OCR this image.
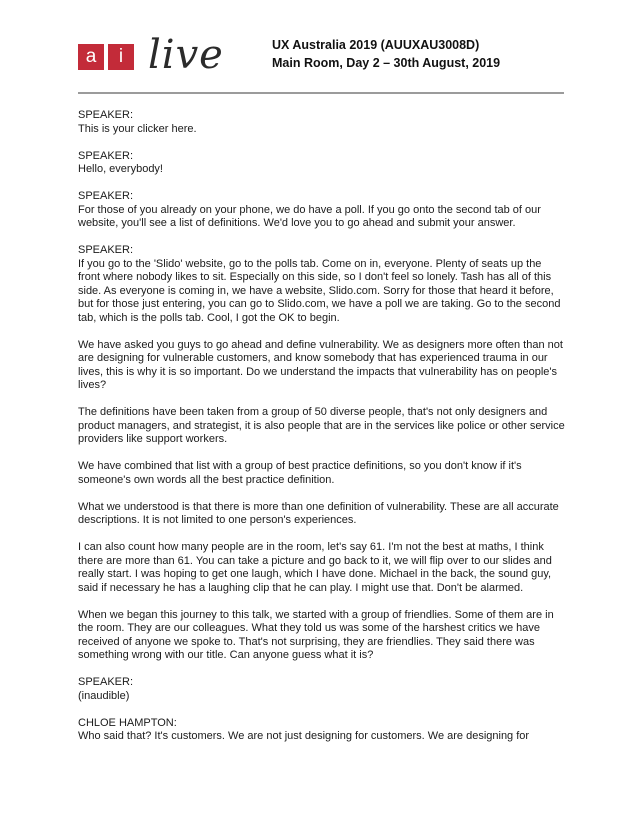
a	i live	UX Australia 2019 (AUUXAU3008D)
Main Room, Day 2 – 30th August, 2019
SPEAKER:

This is your clicker here.

SPEAKER:

Hello, everybody!

SPEAKER:

For those of you already on your phone, we do have a poll. If you go onto the second tab of our website, you'll see a list of definitions. We'd love you to go ahead and submit your answer.

SPEAKER:

If you go to the 'Slido' website, go to the polls tab. Come on in, everyone. Plenty of seats up the front where nobody likes to sit. Especially on this side, so I don't feel so lonely. Tash has all of this side. As everyone is coming in, we have a website, Slido.com. Sorry for those that heard it before, but for those just entering, you can go to Slido.com, we have a poll we are taking. Go to the second tab, which is the polls tab. Cool, I got the OK to begin.

We have asked you guys to go ahead and define vulnerability. We as designers more often than not are designing for vulnerable customers, and know somebody that has experienced trauma in our lives, this is why it is so important. Do we understand the impacts that vulnerability has on people's lives?

The definitions have been taken from a group of 50 diverse people, that's not only designers and product managers, and strategist, it is also people that are in the services like police or other service providers like support workers.

We have combined that list with a group of best practice definitions, so you don't know if it's someone's own words all the best practice definition.

What we understood is that there is more than one definition of vulnerability. These are all accurate descriptions. It is not limited to one person's experiences.

I can also count how many people are in the room, let's say 61. I'm not the best at maths, I think there are more than 61. You can take a picture and go back to it, we will flip over to our slides and really start. I was hoping to get one laugh, which I have done. Michael in the back, the sound guy, said if necessary he has a laughing clip that he can play. I might use that. Don't be alarmed.

When we began this journey to this talk, we started with a group of friendlies. Some of them are in the room. They are our colleagues. What they told us was some of the harshest critics we have received of anyone we spoke to. That's not surprising, they are friendlies. They said there was something wrong with our title. Can anyone guess what it is?

SPEAKER:

(inaudible)

CHLOE HAMPTON:

Who said that? It's customers. We are not just designing for customers. We are designing for
